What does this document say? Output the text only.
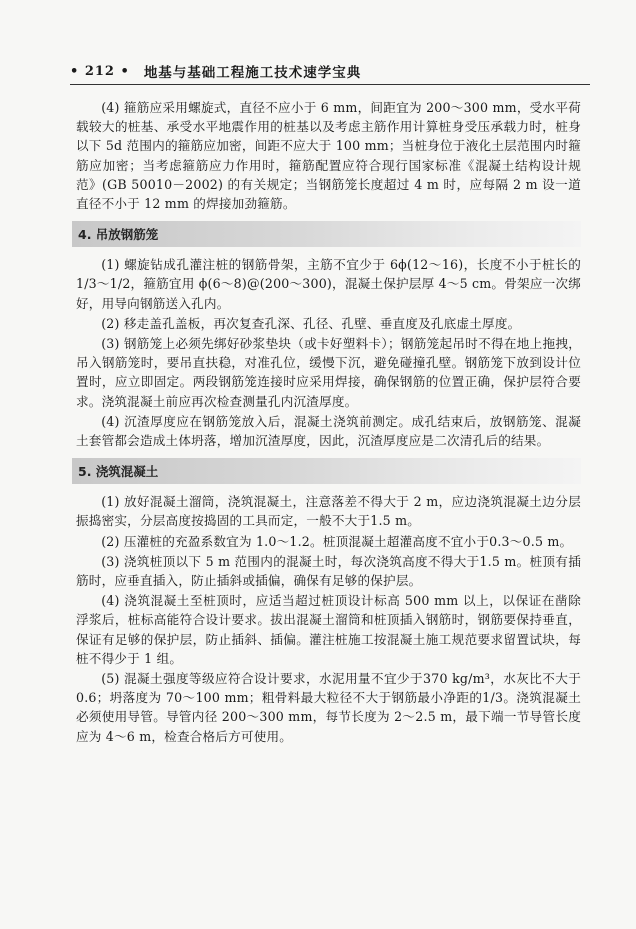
• 212 • 地基与基础工程施工技术速学宝典

(4) 箍筋应采用螺旋式，直径不应小于 6 mm，间距宜为 200～300 mm，受水平荷载较大的桩基、承受水平地震作用的桩基以及考虑主筋作用计算桩身受压承载力时，桩身以下 5d 范围内的箍筋应加密，间距不应大于 100 mm；当桩身位于液化土层范围内时箍筋应加密；当考虑箍筋应力作用时，箍筋配置应符合现行国家标准《混凝土结构设计规范》(GB 50010－2002) 的有关规定；当钢筋笼长度超过 4 m 时，应每隔 2 m 设一道直径不小于 12 mm 的焊接加劲箍筋。

4. 吊放钢筋笼

(1) 螺旋钻成孔灌注桩的钢筋骨架，主筋不宜少于 6ϕ(12～16)，长度不小于桩长的 1/3～1/2，箍筋宜用 ϕ(6～8)@(200～300)，混凝土保护层厚 4～5 cm。骨架应一次绑好，用导向钢筋送入孔内。

(2) 移走盖孔盖板，再次复查孔深、孔径、孔壁、垂直度及孔底虚土厚度。

(3) 钢筋笼上必须先绑好砂浆垫块（或卡好塑料卡）；钢筋笼起吊时不得在地上拖拽，吊入钢筋笼时，要吊直扶稳，对准孔位，缓慢下沉，避免碰撞孔壁。钢筋笼下放到设计位置时，应立即固定。两段钢筋笼连接时应采用焊接，确保钢筋的位置正确，保护层符合要求。浇筑混凝土前应再次检查测量孔内沉渣厚度。

(4) 沉渣厚度应在钢筋笼放入后，混凝土浇筑前测定。成孔结束后，放钢筋笼、混凝土套管都会造成土体坍落，增加沉渣厚度，因此，沉渣厚度应是二次清孔后的结果。

5. 浇筑混凝土

(1) 放好混凝土溜筒，浇筑混凝土，注意落差不得大于 2 m，应边浇筑混凝土边分层振捣密实，分层高度按捣固的工具而定，一般不大于1.5 m。

(2) 压灌桩的充盈系数宜为 1.0～1.2。桩顶混凝土超灌高度不宜小于0.3～0.5 m。

(3) 浇筑桩顶以下 5 m 范围内的混凝土时，每次浇筑高度不得大于1.5 m。桩顶有插筋时，应垂直插入，防止插斜或插偏，确保有足够的保护层。

(4) 浇筑混凝土至桩顶时，应适当超过桩顶设计标高 500 mm 以上，以保证在凿除浮浆后，桩标高能符合设计要求。拔出混凝土溜筒和桩顶插入钢筋时，钢筋要保持垂直，保证有足够的保护层，防止插斜、插偏。灌注桩施工按混凝土施工规范要求留置试块，每桩不得少于 1 组。

(5) 混凝土强度等级应符合设计要求，水泥用量不宜少于370 kg/m³，水灰比不大于 0.6；坍落度为 70～100 mm；粗骨料最大粒径不大于钢筋最小净距的1/3。浇筑混凝土必须使用导管。导管内径 200～300 mm，每节长度为 2～2.5 m，最下端一节导管长度应为 4～6 m，检查合格后方可使用。
